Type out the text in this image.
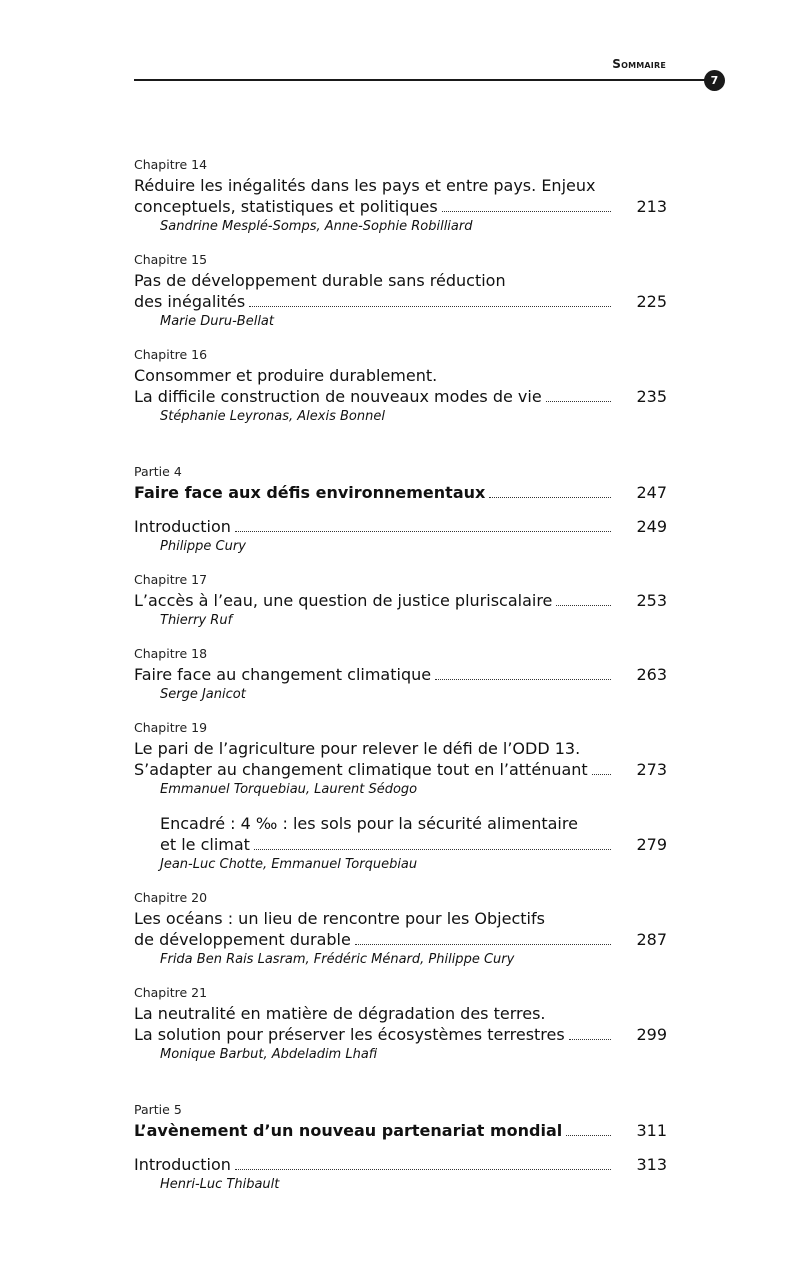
Sommaire
7
Chapitre 14
Réduire les inégalités dans les pays et entre pays. Enjeux
conceptuels, statistiques et politiques	213
Sandrine Mesplé-Somps, Anne-Sophie Robilliard
Chapitre 15
Pas de développement durable sans réduction
des inégalités	225
Marie Duru-Bellat
Chapitre 16
Consommer et produire durablement.
La difficile construction de nouveaux modes de vie	235
Stéphanie Leyronas, Alexis Bonnel
Partie 4
Faire face aux défis environnementaux	247
Introduction	249
Philippe Cury
Chapitre 17
L’accès à l’eau, une question de justice pluriscalaire	253
Thierry Ruf
Chapitre 18
Faire face au changement climatique	263
Serge Janicot
Chapitre 19
Le pari de l’agriculture pour relever le défi de l’ODD 13.
S’adapter au changement climatique tout en l’atténuant	273
Emmanuel Torquebiau, Laurent Sédogo
Encadré : 4 ‰ : les sols pour la sécurité alimentaire
et le climat	279
Jean-Luc Chotte, Emmanuel Torquebiau
Chapitre 20
Les océans : un lieu de rencontre pour les Objectifs
de développement durable	287
Frida Ben Rais Lasram, Frédéric Ménard, Philippe Cury
Chapitre 21
La neutralité en matière de dégradation des terres.
La solution pour préserver les écosystèmes terrestres	299
Monique Barbut, Abdeladim Lhafi
Partie 5
L’avènement d’un nouveau partenariat mondial	311
Introduction	313
Henri-Luc Thibault
